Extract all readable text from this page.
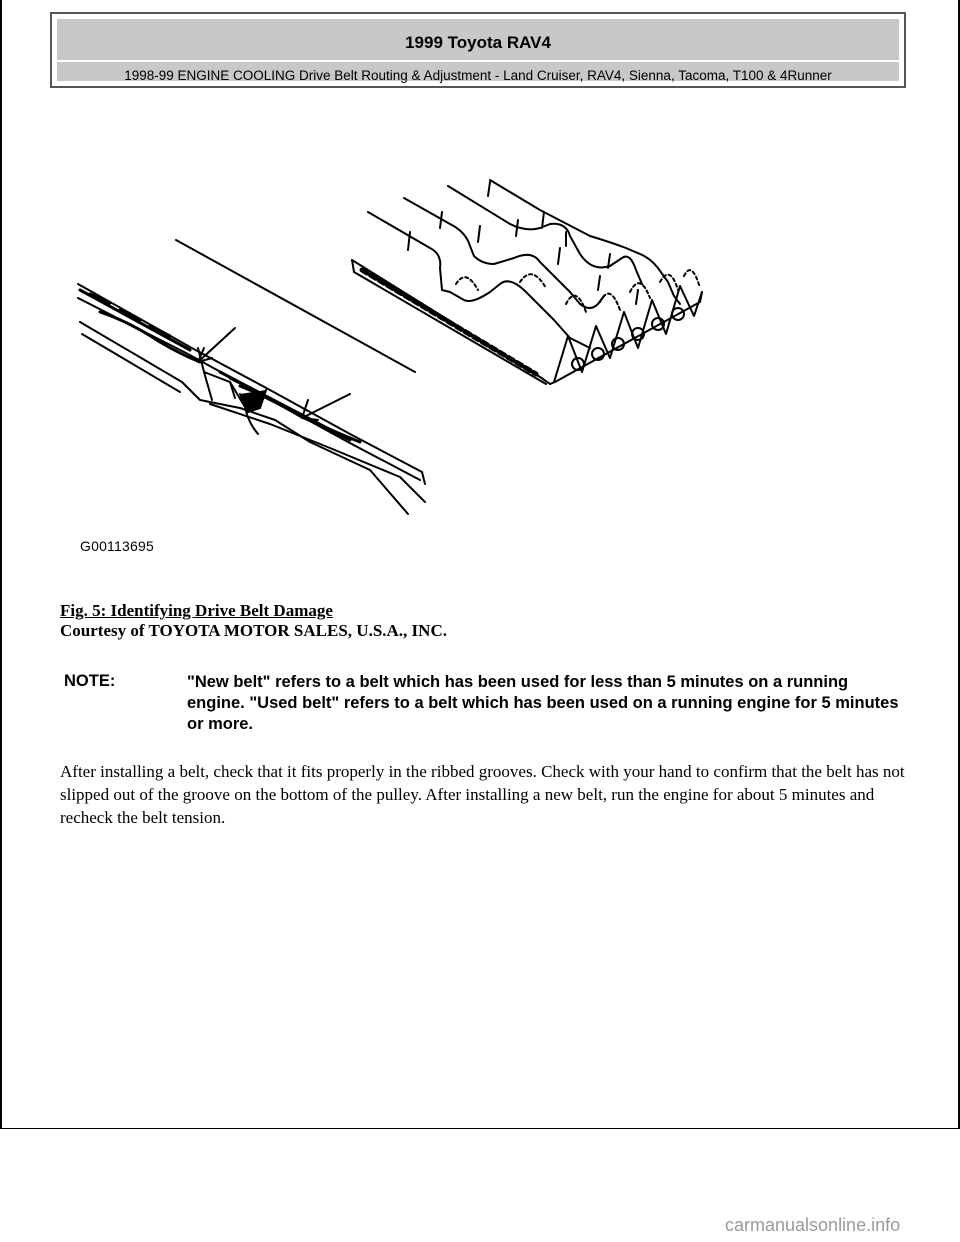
1999 Toyota RAV4
1998-99 ENGINE COOLING Drive Belt Routing & Adjustment - Land Cruiser, RAV4, Sienna, Tacoma, T100 & 4Runner
G00113695
Fig. 5: Identifying Drive Belt Damage
Courtesy of TOYOTA MOTOR SALES, U.S.A., INC.
NOTE:	"New belt" refers to a belt which has been used for less than 5 minutes on a running engine. "Used belt" refers to a belt which has been used on a running engine for 5 minutes or more.
After installing a belt, check that it fits properly in the ribbed grooves. Check with your hand to confirm that the belt has not slipped out of the groove on the bottom of the pulley. After installing a new belt, run the engine for about 5 minutes and recheck the belt tension.
carmanualsonline.info
